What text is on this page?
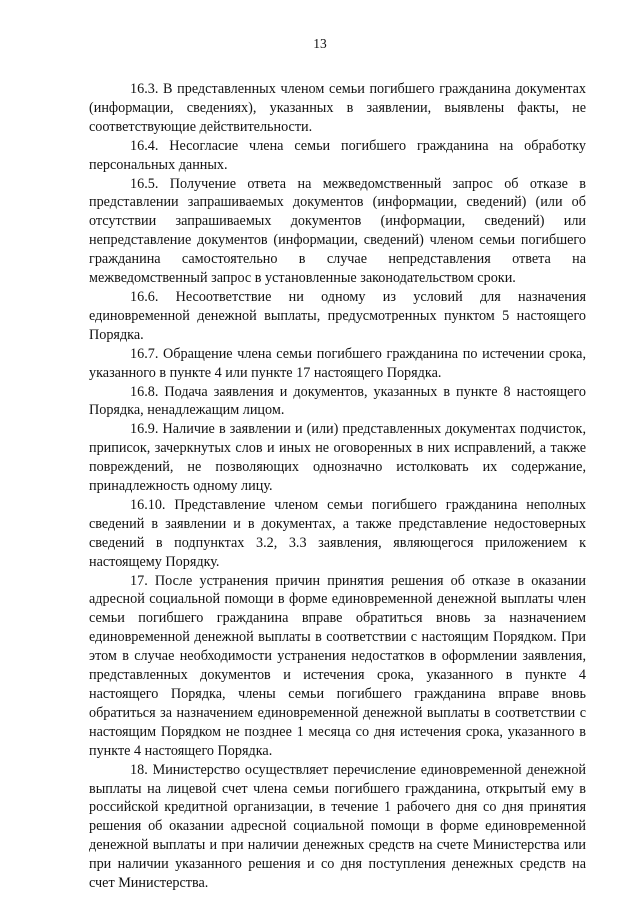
13

16.3. В представленных членом семьи погибшего гражданина документах (информации, сведениях), указанных в заявлении, выявлены факты, не соответствующие действительности.

16.4. Несогласие члена семьи погибшего гражданина на обработку персональных данных.

16.5. Получение ответа на межведомственный запрос об отказе в представлении запрашиваемых документов (информации, сведений) (или об отсутствии запрашиваемых документов (информации, сведений) или непредставление документов (информации, сведений) членом семьи погибшего гражданина самостоятельно в случае непредставления ответа на межведомственный запрос в установленные законодательством сроки.

16.6. Несоответствие ни одному из условий для назначения единовременной денежной выплаты, предусмотренных пунктом 5 настоящего Порядка.

16.7. Обращение члена семьи погибшего гражданина по истечении срока, указанного в пункте 4 или пункте 17 настоящего Порядка.

16.8. Подача заявления и документов, указанных в пункте 8 настоящего Порядка, ненадлежащим лицом.

16.9. Наличие в заявлении и (или) представленных документах подчисток, приписок, зачеркнутых слов и иных не оговоренных в них исправлений, а также повреждений, не позволяющих однозначно истолковать их содержание, принадлежность одному лицу.

16.10. Представление членом семьи погибшего гражданина неполных сведений в заявлении и в документах, а также представление недостоверных сведений в подпунктах 3.2, 3.3 заявления, являющегося приложением к настоящему Порядку.

17. После устранения причин принятия решения об отказе в оказании адресной социальной помощи в форме единовременной денежной выплаты член семьи погибшего гражданина вправе обратиться вновь за назначением единовременной денежной выплаты в соответствии с настоящим Порядком. При этом в случае необходимости устранения недостатков в оформлении заявления, представленных документов и истечения срока, указанного в пункте 4 настоящего Порядка, члены семьи погибшего гражданина вправе вновь обратиться за назначением единовременной денежной выплаты в соответствии с настоящим Порядком не позднее 1 месяца со дня истечения срока, указанного в пункте 4 настоящего Порядка.

18. Министерство осуществляет перечисление единовременной денежной выплаты на лицевой счет члена семьи погибшего гражданина, открытый ему в российской кредитной организации, в течение 1 рабочего дня со дня принятия решения об оказании адресной социальной помощи в форме единовременной денежной выплаты и при наличии денежных средств на счете Министерства или при наличии указанного решения и со дня поступления денежных средств на счет Министерства.
